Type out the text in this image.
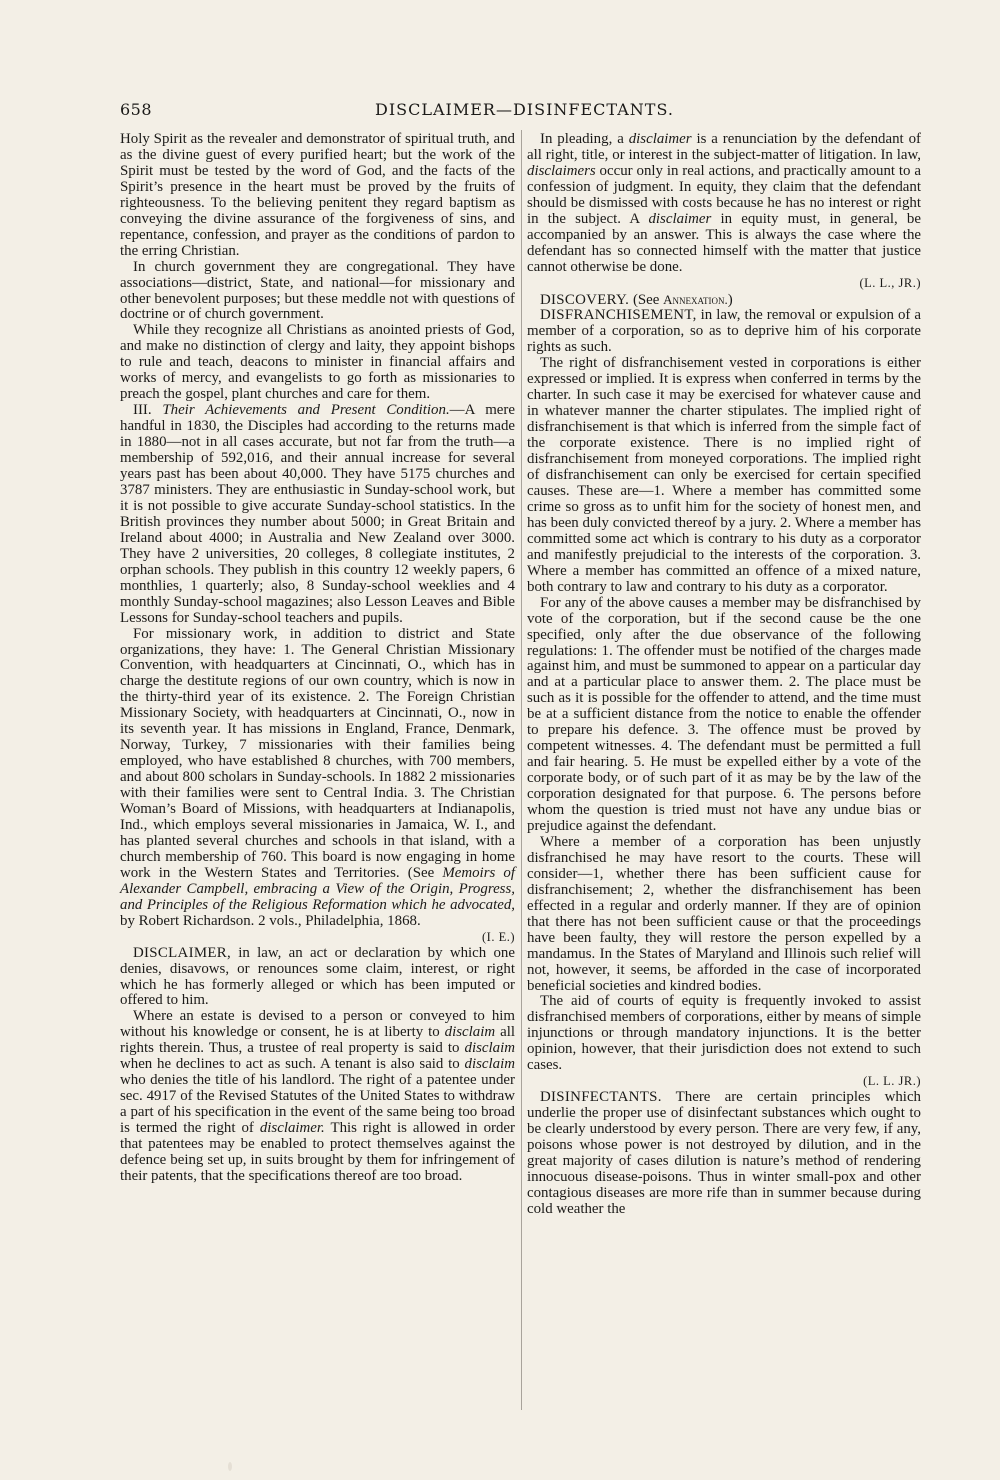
658	DISCLAIMER—DISINFECTANTS.

Holy Spirit as the revealer and demonstrator of spiritual truth, and as the divine guest of every purified heart; but the work of the Spirit must be tested by the word of God, and the facts of the Spirit’s presence in the heart must be proved by the fruits of righteousness. To the believing penitent they regard baptism as conveying the divine assurance of the forgiveness of sins, and repentance, confession, and prayer as the conditions of pardon to the erring Christian.

In church government they are congregational. They have associations—district, State, and national—for missionary and other benevolent purposes; but these meddle not with questions of doctrine or of church government.

While they recognize all Christians as anointed priests of God, and make no distinction of clergy and laity, they appoint bishops to rule and teach, deacons to minister in financial affairs and works of mercy, and evangelists to go forth as missionaries to preach the gospel, plant churches and care for them.

III. Their Achievements and Present Condition.—A mere handful in 1830, the Disciples had according to the returns made in 1880—not in all cases accurate, but not far from the truth—a membership of 592,016, and their annual increase for several years past has been about 40,000. They have 5175 churches and 3787 ministers. They are enthusiastic in Sunday-school work, but it is not possible to give accurate Sunday-school statistics. In the British provinces they number about 5000; in Great Britain and Ireland about 4000; in Australia and New Zealand over 3000. They have 2 universities, 20 colleges, 8 collegiate institutes, 2 orphan schools. They publish in this country 12 weekly papers, 6 monthlies, 1 quarterly; also, 8 Sunday-school weeklies and 4 monthly Sunday-school magazines; also Lesson Leaves and Bible Lessons for Sunday-school teachers and pupils.

For missionary work, in addition to district and State organizations, they have: 1. The General Christian Missionary Convention, with headquarters at Cincinnati, O., which has in charge the destitute regions of our own country, which is now in the thirty-third year of its existence. 2. The Foreign Christian Missionary Society, with headquarters at Cincinnati, O., now in its seventh year. It has missions in England, France, Denmark, Norway, Turkey, 7 missionaries with their families being employed, who have established 8 churches, with 700 members, and about 800 scholars in Sunday-schools. In 1882 2 missionaries with their families were sent to Central India. 3. The Christian Woman’s Board of Missions, with headquarters at Indianapolis, Ind., which employs several missionaries in Jamaica, W. I., and has planted several churches and schools in that island, with a church membership of 760. This board is now engaging in home work in the Western States and Territories. (See Memoirs of Alexander Campbell, embracing a View of the Origin, Progress, and Principles of the Religious Reformation which he advocated, by Robert Richardson. 2 vols., Philadelphia, 1868.

(I. E.)

DISCLAIMER, in law, an act or declaration by which one denies, disavows, or renounces some claim, interest, or right which he has formerly alleged or which has been imputed or offered to him.

Where an estate is devised to a person or conveyed to him without his knowledge or consent, he is at liberty to disclaim all rights therein. Thus, a trustee of real property is said to disclaim when he declines to act as such. A tenant is also said to disclaim who denies the title of his landlord. The right of a patentee under sec. 4917 of the Revised Statutes of the United States to withdraw a part of his specification in the event of the same being too broad is termed the right of disclaimer. This right is allowed in order that patentees may be enabled to protect themselves against the defence being set up, in suits brought by them for infringement of their patents, that the specifications thereof are too broad.

In pleading, a disclaimer is a renunciation by the defendant of all right, title, or interest in the subject-matter of litigation. In law, disclaimers occur only in real actions, and practically amount to a confession of judgment. In equity, they claim that the defendant should be dismissed with costs because he has no interest or right in the subject. A disclaimer in equity must, in general, be accompanied by an answer. This is always the case where the defendant has so connected himself with the matter that justice cannot otherwise be done.

(L. L., JR.)

DISCOVERY. (See Annexation.)

DISFRANCHISEMENT, in law, the removal or expulsion of a member of a corporation, so as to deprive him of his corporate rights as such.

The right of disfranchisement vested in corporations is either expressed or implied. It is express when conferred in terms by the charter. In such case it may be exercised for whatever cause and in whatever manner the charter stipulates. The implied right of disfranchisement is that which is inferred from the simple fact of the corporate existence. There is no implied right of disfranchisement from moneyed corporations. The implied right of disfranchisement can only be exercised for certain specified causes. These are—1. Where a member has committed some crime so gross as to unfit him for the society of honest men, and has been duly convicted thereof by a jury. 2. Where a member has committed some act which is contrary to his duty as a corporator and manifestly prejudicial to the interests of the corporation. 3. Where a member has committed an offence of a mixed nature, both contrary to law and contrary to his duty as a corporator.

For any of the above causes a member may be disfranchised by vote of the corporation, but if the second cause be the one specified, only after the due observance of the following regulations: 1. The offender must be notified of the charges made against him, and must be summoned to appear on a particular day and at a particular place to answer them. 2. The place must be such as it is possible for the offender to attend, and the time must be at a sufficient distance from the notice to enable the offender to prepare his defence. 3. The offence must be proved by competent witnesses. 4. The defendant must be permitted a full and fair hearing. 5. He must be expelled either by a vote of the corporate body, or of such part of it as may be by the law of the corporation designated for that purpose. 6. The persons before whom the question is tried must not have any undue bias or prejudice against the defendant.

Where a member of a corporation has been unjustly disfranchised he may have resort to the courts. These will consider—1, whether there has been sufficient cause for disfranchisement; 2, whether the disfranchisement has been effected in a regular and orderly manner. If they are of opinion that there has not been sufficient cause or that the proceedings have been faulty, they will restore the person expelled by a mandamus. In the States of Maryland and Illinois such relief will not, however, it seems, be afforded in the case of incorporated beneficial societies and kindred bodies.

The aid of courts of equity is frequently invoked to assist disfranchised members of corporations, either by means of simple injunctions or through mandatory injunctions. It is the better opinion, however, that their jurisdiction does not extend to such cases.

(L. L. JR.)

DISINFECTANTS. There are certain principles which underlie the proper use of disinfectant substances which ought to be clearly understood by every person. There are very few, if any, poisons whose power is not destroyed by dilution, and in the great majority of cases dilution is nature’s method of rendering innocuous disease-poisons. Thus in winter small-pox and other contagious diseases are more rife than in summer because during cold weather the
